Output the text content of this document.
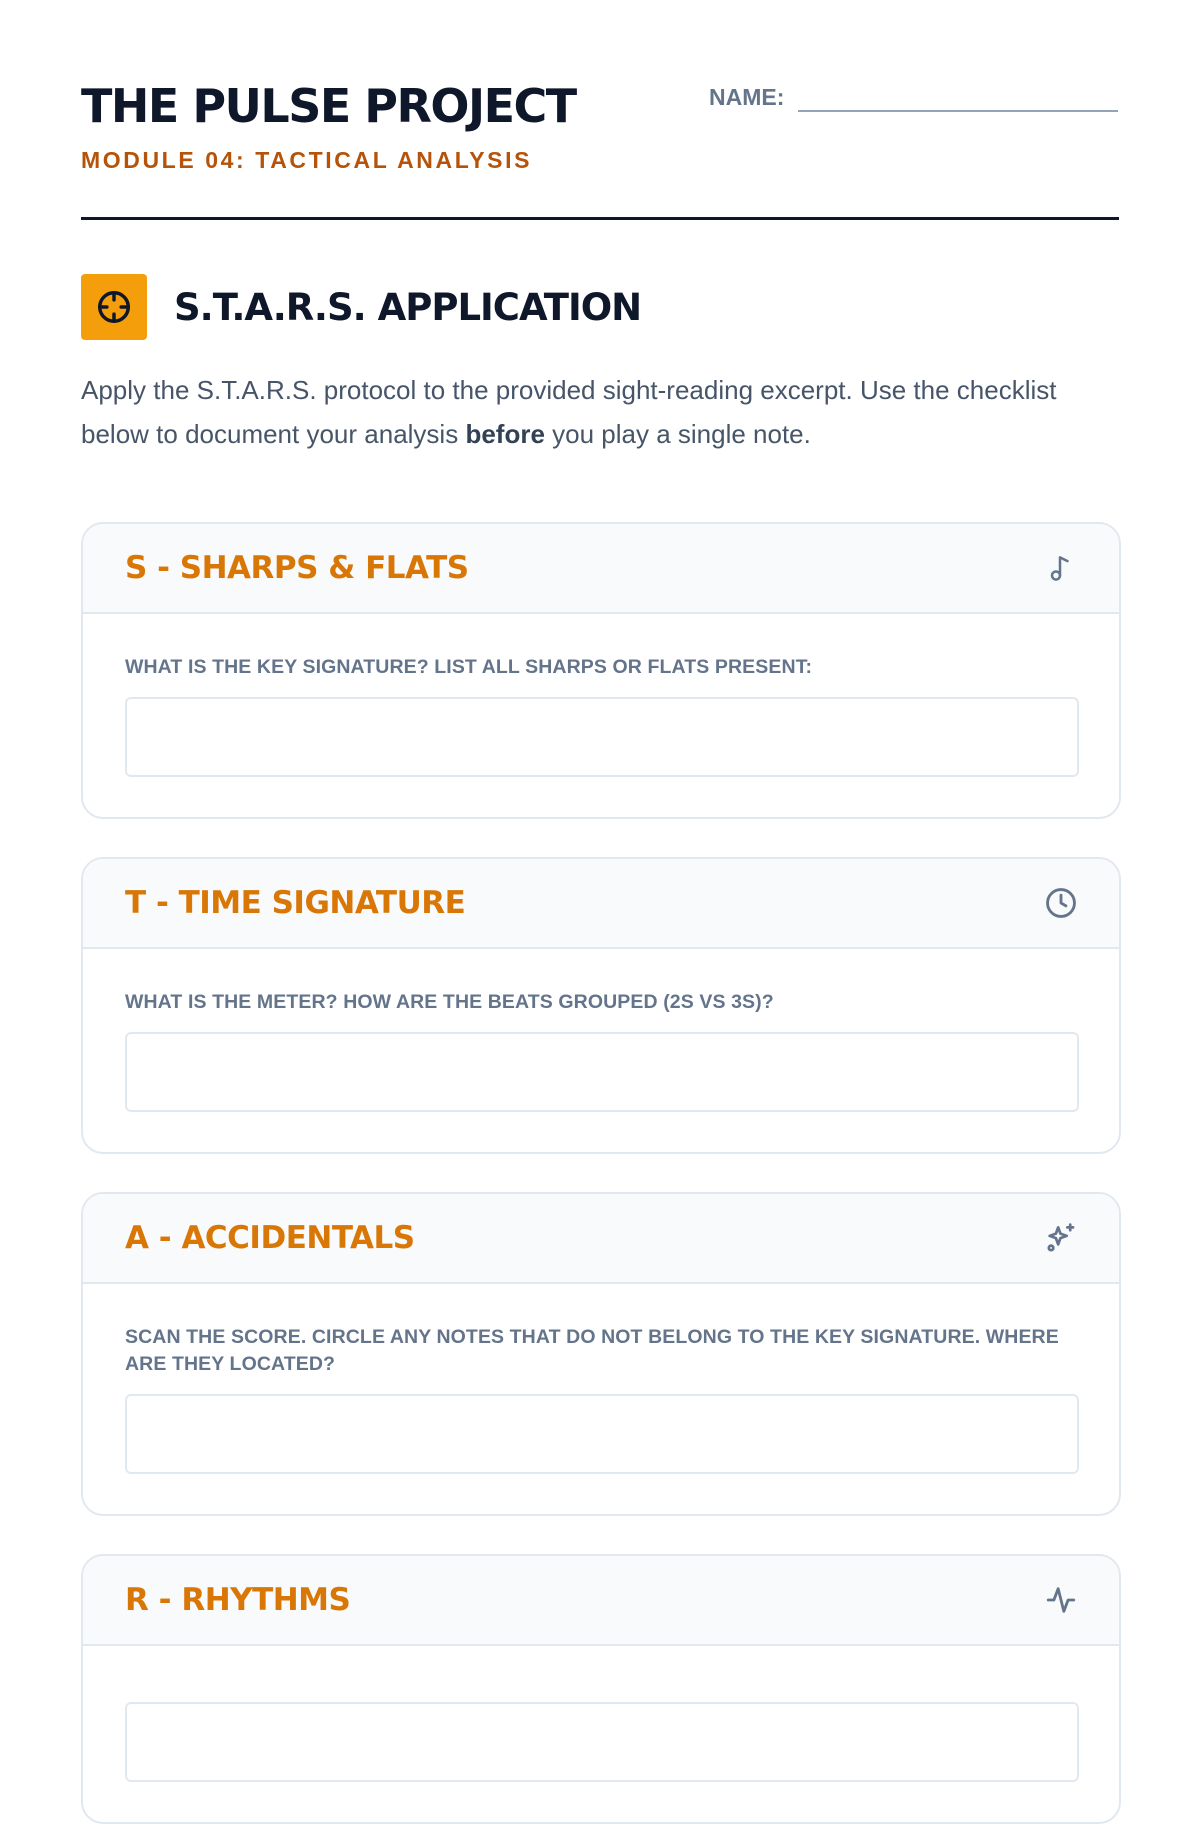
THE PULSE PROJECT
MODULE 04: TACTICAL ANALYSIS
NAME:
S.T.A.R.S. APPLICATION

Apply the S.T.A.R.S. protocol to the provided sight-reading excerpt. Use the checklist below to document your analysis before you play a single note.

S - SHARPS & FLATS
WHAT IS THE KEY SIGNATURE? LIST ALL SHARPS OR FLATS PRESENT:
T - TIME SIGNATURE
WHAT IS THE METER? HOW ARE THE BEATS GROUPED (2S VS 3S)?
A - ACCIDENTALS
SCAN THE SCORE. CIRCLE ANY NOTES THAT DO NOT BELONG TO THE KEY SIGNATURE. WHERE ARE THEY LOCATED?
R - RHYTHMS
